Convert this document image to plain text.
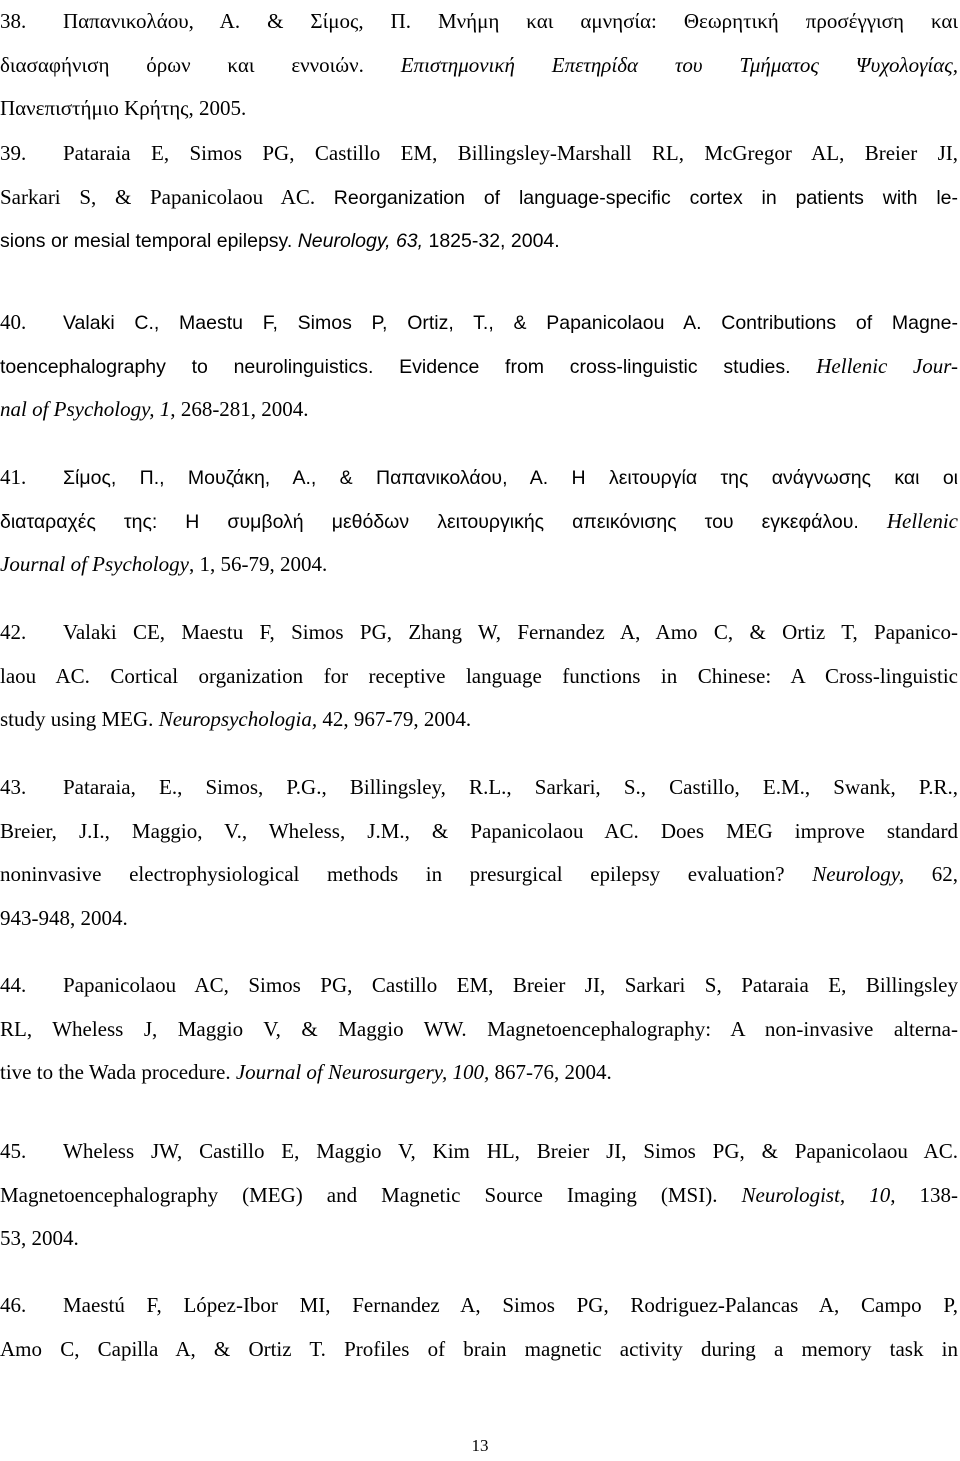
38. Παπανικολάου, Α. & Σίμος, Π. Μνήμη και αμνησία: Θεωρητική προσέγγιση και
διασαφήνιση όρων και εννοιών. Επιστημονική Επετηρίδα του Τμήματος Ψυχολογίας,
Πανεπιστήμιο Κρήτης, 2005.
39. Pataraia E, Simos PG, Castillo EM, Billingsley-Marshall RL, McGregor AL, Breier JI,
Sarkari S, & Papanicolaou AC. Reorganization of language-specific cortex in patients with le-
sions or mesial temporal epilepsy. Neurology, 63, 1825-32, 2004.
40. Valaki C., Maestu F, Simos P, Ortiz, T., & Papanicolaou A. Contributions of Magne-
toencephalography to neurolinguistics. Evidence from cross-linguistic studies. Hellenic Jour-
nal of Psychology, 1, 268-281, 2004.
41. Σίμος, Π., Μουζάκη, Α., & Παπανικολάου, Α. Η λειτουργία της ανάγνωσης και οι
διαταραχές της: Η συμβολή μεθόδων λειτουργικής απεικόνισης του εγκεφάλου. Hellenic
Journal of Psychology, 1, 56-79, 2004.
42. Valaki CE, Maestu F, Simos PG, Zhang W, Fernandez A, Amo C, & Ortiz T, Papanico-
laou AC. Cortical organization for receptive language functions in Chinese: A Cross-linguistic
study using MEG. Neuropsychologia, 42, 967-79, 2004.
43. Pataraia, E., Simos, P.G., Billingsley, R.L., Sarkari, S., Castillo, E.M., Swank, P.R.,
Breier, J.I., Maggio, V., Wheless, J.M., & Papanicolaou AC. Does MEG improve standard
noninvasive electrophysiological methods in presurgical epilepsy evaluation? Neurology, 62,
943-948, 2004.
44. Papanicolaou AC, Simos PG, Castillo EM, Breier JI, Sarkari S, Pataraia E, Billingsley
RL, Wheless J, Maggio V, & Maggio WW. Magnetoencephalography: A non-invasive alterna-
tive to the Wada procedure. Journal of Neurosurgery, 100, 867-76, 2004.
45. Wheless JW, Castillo E, Maggio V, Kim HL, Breier JI, Simos PG, & Papanicolaou AC.
Magnetoencephalography (MEG) and Magnetic Source Imaging (MSI). Neurologist, 10, 138-
53, 2004.
46. Maestú F, López-Ibor MI, Fernandez A, Simos PG, Rodriguez-Palancas A, Campo P,
Amo C, Capilla A, & Ortiz T. Profiles of brain magnetic activity during a memory task in
13
